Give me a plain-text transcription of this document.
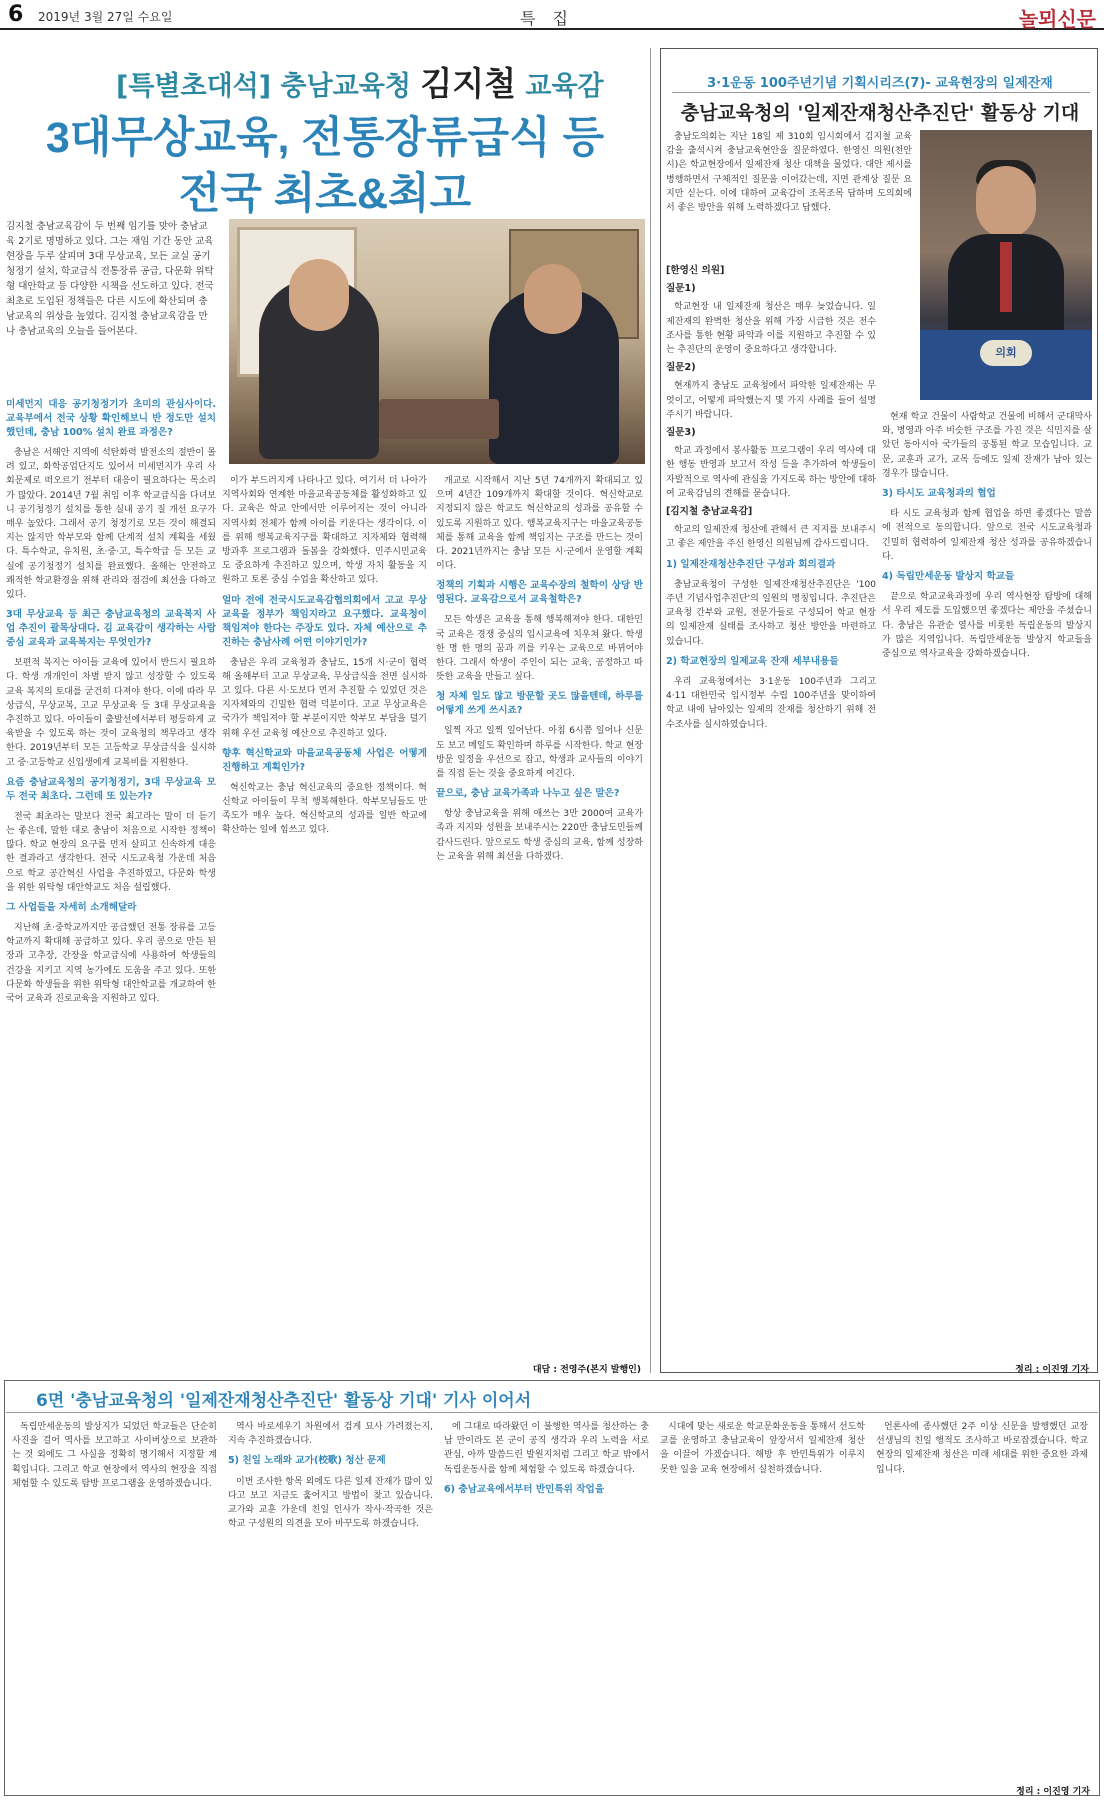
6 2019년 3월 27일 수요일	특 집	놀뫼신문
[특별초대석] 충남교육청 김지철 교육감
3대무상교육, 전통장류급식 등
전국 최초&최고
김지철 충남교육감이 두 번째 임기를 맞아 충남교육 2기로 명명하고 있다. 그는 재임 기간 동안 교육 현장을 두루 살피며 3대 무상교육, 모든 교실 공기청정기 설치, 학교급식 전통장류 공급, 다문화 위탁형 대안학교 등 다양한 시책을 선도하고 있다. 전국 최초로 도입된 정책들은 다른 시도에 확산되며 충남교육의 위상을 높였다. 김지철 충남교육감을 만나 충남교육의 오늘을 들어본다.
미세먼지 대응 공기청정기가 초미의 관심사이다. 교육부에서 전국 상황 확인해보니 반 정도만 설치했던데, 충남 100% 설치 완료 과정은?

충남은 서해안 지역에 석탄화력 발전소의 절반이 몰려 있고, 화학공업단지도 있어서 미세먼지가 우리 사회문제로 떠오르기 전부터 대응이 필요하다는 목소리가 많았다. 2014년 7월 취임 이후 학교급식을 다녀보니 공기청정기 설치를 통한 실내 공기 질 개선 요구가 매우 높았다. 그래서 공기 청정기로 모든 것이 해결되지는 않지만 학부모와 함께 단계적 설치 계획을 세웠다. 특수학교, 유치원, 초·중·고, 특수학급 등 모든 교실에 공기청정기 설치를 완료했다. 올해는 안전하고 쾌적한 학교환경을 위해 관리와 점검에 최선을 다하고 있다.

3대 무상교육 등 최근 충남교육청의 교육복지 사업 추진이 괄목상대다. 김 교육감이 생각하는 사람 중심 교육과 교육복지는 무엇인가?

보편적 복지는 아이들 교육에 있어서 반드시 필요하다. 학생 개개인이 차별 받지 않고 성장할 수 있도록 교육 복지의 토대를 굳건히 다져야 한다. 이에 따라 무상급식, 무상교복, 고교 무상교육 등 3대 무상교육을 추진하고 있다. 아이들이 출발선에서부터 평등하게 교육받을 수 있도록 하는 것이 교육청의 책무라고 생각한다. 2019년부터 모든 고등학교 무상급식을 실시하고 중·고등학교 신입생에게 교복비를 지원한다.

요즘 충남교육청의 공기청정기, 3대 무상교육 모두 전국 최초다. 그런데 또 있는가?

전국 최초라는 말보다 전국 최고라는 말이 더 듣기는 좋은데, 말한 대로 충남이 처음으로 시작한 정책이 많다. 학교 현장의 요구를 먼저 살피고 신속하게 대응한 결과라고 생각한다. 전국 시도교육청 가운데 처음으로 학교 공간혁신 사업을 추진하였고, 다문화 학생을 위한 위탁형 대안학교도 처음 설립했다.

그 사업들을 자세히 소개해달라

지난해 초·중학교까지만 공급했던 전통 장류를 고등학교까지 확대해 공급하고 있다. 우리 콩으로 만든 된장과 고추장, 간장을 학교급식에 사용하여 학생들의 건강을 지키고 지역 농가에도 도움을 주고 있다. 또한 다문화 학생들을 위한 위탁형 대안학교를 개교하여 한국어 교육과 진로교육을 지원하고 있다.

이가 부드러지게 나타나고 있다. 여기서 더 나아가 지역사회와 연계한 마을교육공동체를 활성화하고 있다. 교육은 학교 안에서만 이루어지는 것이 아니라 지역사회 전체가 함께 아이를 키운다는 생각이다. 이를 위해 행복교육지구를 확대하고 지자체와 협력해 방과후 프로그램과 돌봄을 강화했다. 민주시민교육도 중요하게 추진하고 있으며, 학생 자치 활동을 지원하고 토론 중심 수업을 확산하고 있다.

얼마 전에 전국시도교육감협의회에서 고교 무상교육을 정부가 책임지라고 요구했다. 교육청이 책임져야 한다는 주장도 있다. 자체 예산으로 추진하는 충남사례 어떤 이야기인가?

충남은 우리 교육청과 충남도, 15개 시·군이 협력해 올해부터 고교 무상교육, 무상급식을 전면 실시하고 있다. 다른 시·도보다 먼저 추진할 수 있었던 것은 지자체와의 긴밀한 협력 덕분이다. 고교 무상교육은 국가가 책임져야 할 부분이지만 학부모 부담을 덜기 위해 우선 교육청 예산으로 추진하고 있다.

향후 혁신학교와 마을교육공동체 사업은 어떻게 진행하고 계획인가?

혁신학교는 충남 혁신교육의 중요한 정책이다. 혁신학교 아이들이 무척 행복해한다. 학부모님들도 만족도가 매우 높다. 혁신학교의 성과를 일반 학교에 확산하는 일에 힘쓰고 있다.

개교로 시작해서 지난 5년 74개까지 확대되고 있으며 4년간 109개까지 확대할 것이다. 혁신학교로 지정되지 않은 학교도 혁신학교의 성과를 공유할 수 있도록 지원하고 있다. 행복교육지구는 마을교육공동체를 통해 교육을 함께 책임지는 구조를 만드는 것이다. 2021년까지는 충남 모든 시·군에서 운영할 계획이다.

정책의 기획과 시행은 교육수장의 철학이 상당 반영된다. 교육감으로서 교육철학은?

모든 학생은 교육을 통해 행복해져야 한다. 대한민국 교육은 경쟁 중심의 입시교육에 치우쳐 왔다. 학생 한 명 한 명의 꿈과 끼를 키우는 교육으로 바뀌어야 한다. 그래서 학생이 주인이 되는 교육, 공정하고 따뜻한 교육을 만들고 싶다.

청 자체 일도 많고 방문할 곳도 많을텐데, 하루를 어떻게 쓰게 쓰시죠?

일찍 자고 일찍 일어난다. 아침 6시쯤 일어나 신문도 보고 메일도 확인하며 하루를 시작한다. 학교 현장 방문 일정을 우선으로 잡고, 학생과 교사들의 이야기를 직접 듣는 것을 중요하게 여긴다.

끝으로, 충남 교육가족과 나누고 싶은 말은?

항상 충남교육을 위해 애쓰는 3만 2000여 교육가족과 지지와 성원을 보내주시는 220만 충남도민들께 감사드린다. 앞으로도 학생 중심의 교육, 함께 성장하는 교육을 위해 최선을 다하겠다.

대담 : 전영주(본지 발행인)
3·1운동 100주년기념 기획시리즈(7)- 교육현장의 일제잔재
충남교육청의 '일제잔재청산추진단' 활동상 기대

충남도의회는 지난 18일 제 310회 임시회에서 김지철 교육감을 출석시켜 충남교육현안을 질문하였다. 한영신 의원(천안시)은 학교현장에서 일제잔재 청산 대책을 물었다. 대안 제시를 병행하면서 구체적인 질문을 이어갔는데, 지면 관계상 질문 요지만 싣는다. 이에 대하여 교육감이 조목조목 답하며 도의회에서 좋은 방안을 위해 노력하겠다고 답했다.

의회
[한영신 의원]
질문1)

학교현장 내 일제잔재 청산은 매우 늦었습니다. 일제잔재의 완벽한 청산을 위해 가장 시급한 것은 전수조사를 통한 현황 파악과 이를 지원하고 추진할 수 있는 추진단의 운영이 중요하다고 생각합니다.

질문2)

현재까지 충남도 교육청에서 파악한 일제잔재는 무엇이고, 어떻게 파악했는지 몇 가지 사례를 들어 설명 주시기 바랍니다.

질문3)

학교 과정에서 봉사활동 프로그램이 우리 역사에 대한 행동 반영과 보고서 작성 등을 추가하여 학생들이 자발적으로 역사에 관심을 가지도록 하는 방안에 대하여 교육감님의 견해를 묻습니다.

[김지철 충남교육감]

학교의 일제잔재 청산에 관해서 큰 지지를 보내주시고 좋은 제안을 주신 한영신 의원님께 감사드립니다.

1) 일제잔재청산추진단 구성과 회의결과

충남교육청이 구성한 일제잔재청산추진단은 '100주년 기념사업추진단'의 일원의 명칭입니다. 추진단은 교육청 간부와 교원, 전문가들로 구성되어 학교 현장의 일제잔재 실태를 조사하고 청산 방안을 마련하고 있습니다.

2) 학교현장의 일제교육 잔재 세부내용들

우리 교육청에서는 3·1운동 100주년과 그리고 4·11 대한민국 임시정부 수립 100주년을 맞이하여 학교 내에 남아있는 일제의 잔재를 청산하기 위해 전수조사를 실시하였습니다.

현재 학교 건물이 사람학교 건물에 비해서 군대막사와, 병영과 아주 비슷한 구조를 가진 것은 식민지를 살았던 동아시아 국가들의 공통된 학교 모습입니다. 교문, 교훈과 교가, 교목 등에도 일제 잔재가 남아 있는 경우가 많습니다.

3) 타시도 교육청과의 협업

타 시도 교육청과 함께 협업을 하면 좋겠다는 말씀에 전적으로 동의합니다. 앞으로 전국 시도교육청과 긴밀히 협력하여 일제잔재 청산 성과를 공유하겠습니다.

4) 독립만세운동 발상지 학교들

끝으로 학교교육과정에 우리 역사현장 탐방에 대해서 우리 제도를 도입했으면 좋겠다는 제안을 주셨습니다. 충남은 유관순 열사를 비롯한 독립운동의 발상지가 많은 지역입니다. 독립만세운동 발상지 학교들을 중심으로 역사교육을 강화하겠습니다.

정리 : 이진영 기자
6면 '충남교육청의 '일제잔재청산추진단' 활동상 기대' 기사 이어서

독립만세운동의 발상지가 되었던 학교들은 단순히 사진을 걸어 역사를 보고하고 사이버상으로 보관하는 것 외에도 그 사실을 정확히 명기해서 지정할 계획입니다. 그리고 학교 현장에서 역사의 현장을 직접 체험할 수 있도록 탐방 프로그램을 운영하겠습니다.

역사 바로세우기 차원에서 검게 묘사 가려졌는지, 지속 추진하겠습니다.

5) 친일 노래와 교가(校歌) 청산 문제

이번 조사한 항목 외에도 다른 일제 잔재가 많이 있다고 보고 지금도 훑어지고 방법이 찾고 있습니다. 교가와 교훈 가운데 친일 인사가 작사·작곡한 것은 학교 구성원의 의견을 모아 바꾸도록 하겠습니다.

에 그대로 따라왔던 이 불행한 역사를 청산하는 충남 만이라도 본 군이 공직 생각과 우리 노력을 서로 관심, 아까 말씀드린 발원지처럼 그리고 학교 밖에서 독립운동사를 함께 체험할 수 있도록 하겠습니다.

6) 충남교육에서부터 반민특위 작업을

시대에 맞는 새로운 학교문화운동을 통해서 선도학교를 운영하고 충남교육이 앞장서서 일제잔재 청산을 이끌어 가겠습니다. 해방 후 반민특위가 이루지 못한 일을 교육 현장에서 실천하겠습니다.

언론사에 종사했던 2주 이상 신문을 발행했던 교장선생님의 친일 행적도 조사하고 바로잡겠습니다. 학교 현장의 일제잔재 청산은 미래 세대를 위한 중요한 과제입니다.

정리 : 이진영 기자
